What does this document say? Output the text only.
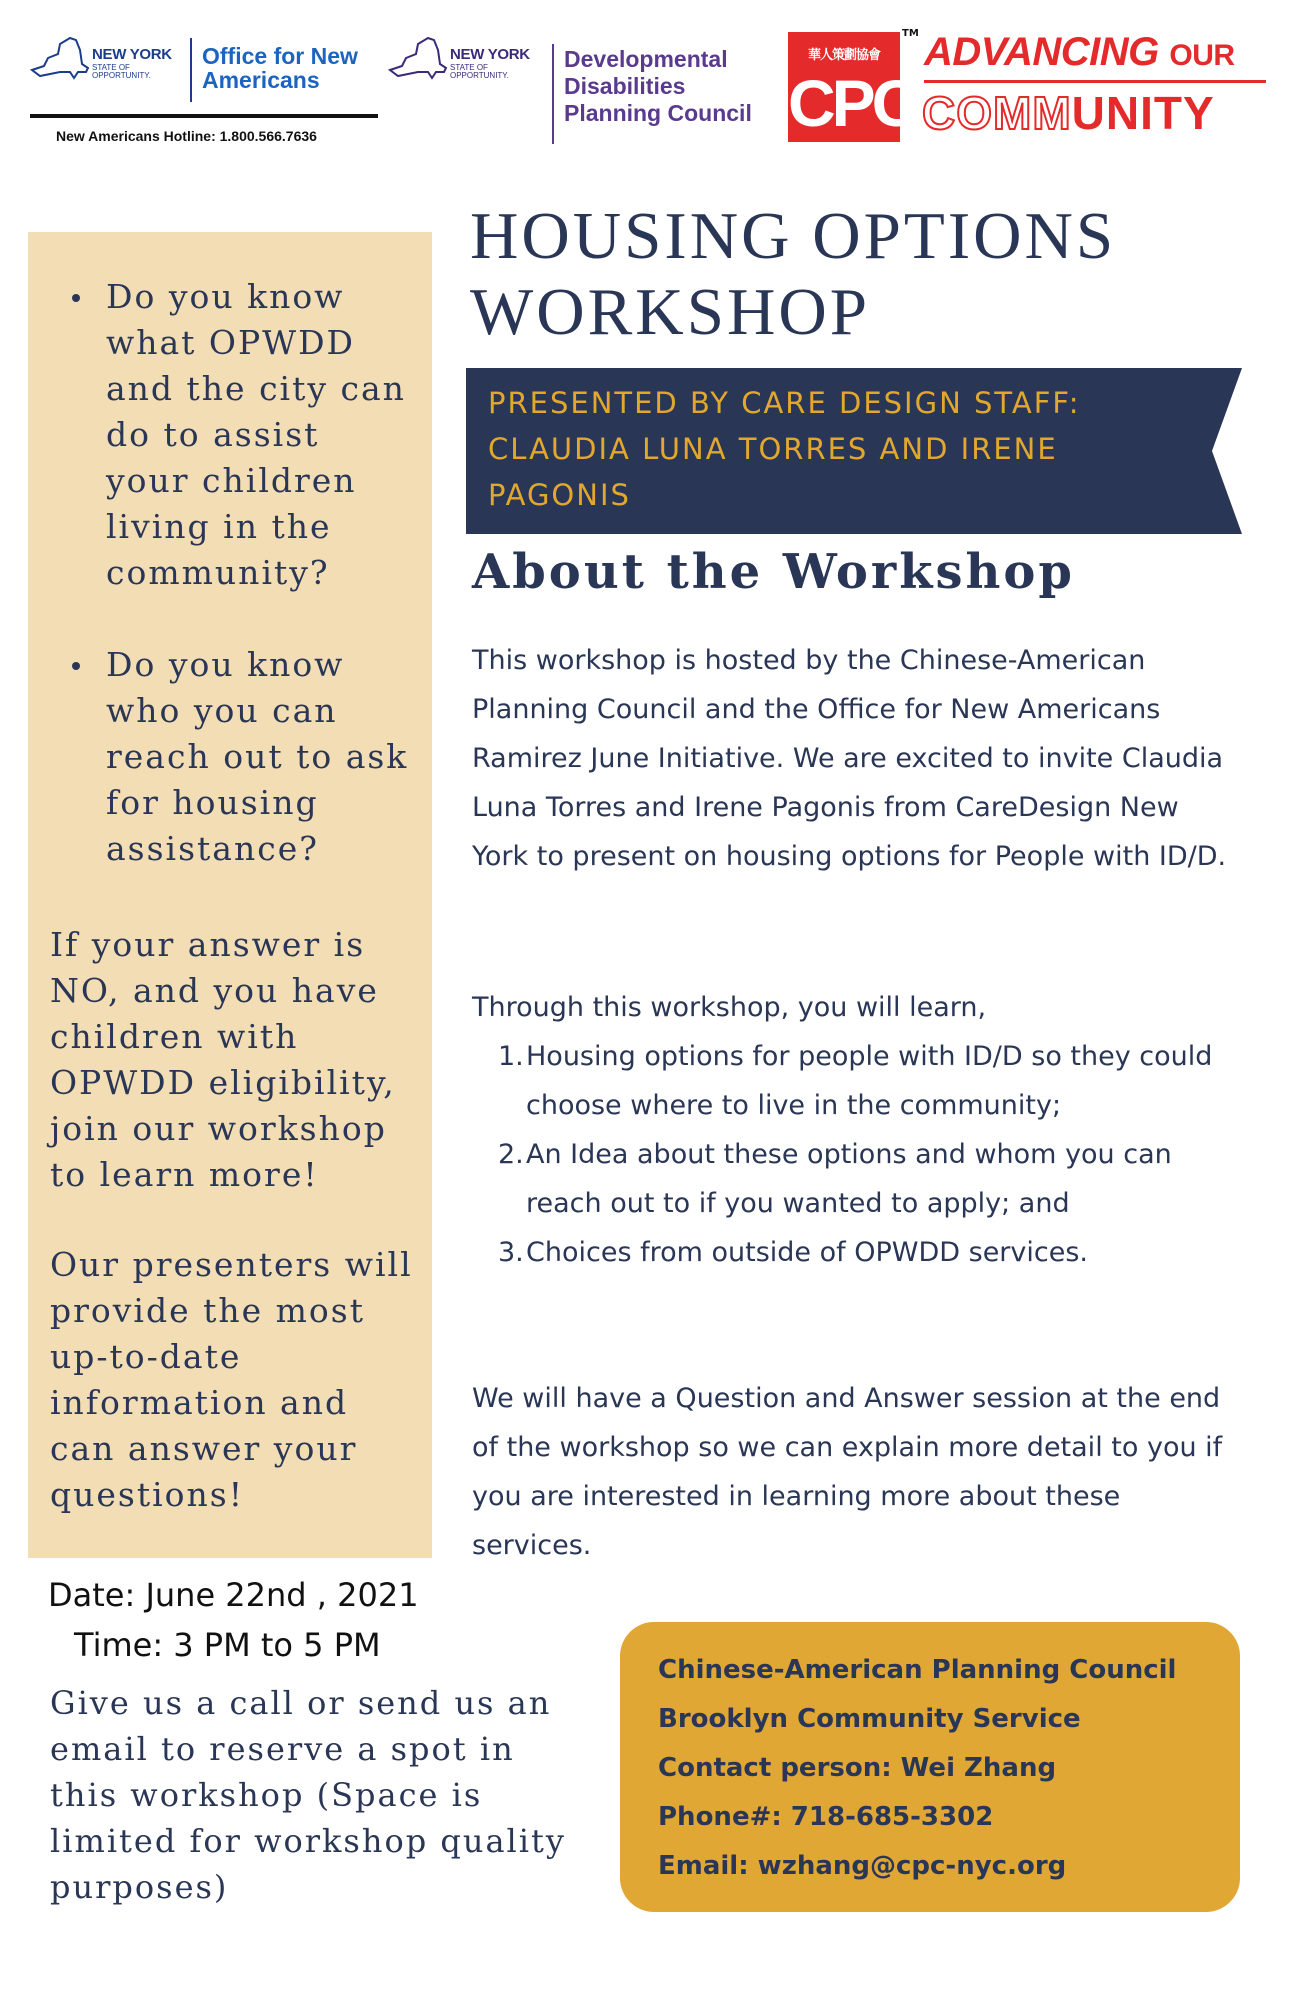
NEW YORK
STATE OF OPPORTUNITY.
Office for New Americans
New Americans Hotline: 1.800.566.7636
NEW YORK
STATE OF OPPORTUNITY.
Developmental Disabilities Planning Council
華人策劃協會
CPC
TM ADVANCING OUR
COMMUNITY
Do you know what OPWDD and the city can do to assist your children living in the community?
Do you know who you can reach out to ask for housing assistance?
If your answer is NO, and you have children with OPWDD eligibility, join our workshop to learn more!
Our presenters will provide the most up-to-date information and can answer your questions!
HOUSING OPTIONS WORKSHOP
PRESENTED BY CARE DESIGN STAFF: CLAUDIA LUNA TORRES AND IRENE PAGONIS
About the Workshop
This workshop is hosted by the Chinese-American Planning Council and the Office for New Americans Ramirez June Initiative. We are excited to invite Claudia Luna Torres and Irene Pagonis from CareDesign New York to present on housing options for People with ID/D.
Through this workshop, you will learn,
1. Housing options for people with ID/D so they could choose where to live in the community;
2. An Idea about these options and whom you can reach out to if you wanted to apply; and
3. Choices from outside of OPWDD services.
We will have a Question and Answer session at the end of the workshop so we can explain more detail to you if you are interested in learning more about these services.
Date: June 22nd , 2021
Time: 3 PM to 5 PM
Give us a call or send us an email to reserve a spot in this workshop (Space is limited for workshop quality purposes)
Chinese-American Planning Council
Brooklyn Community Service
Contact person: Wei Zhang
Phone#: 718-685-3302
Email: wzhang@cpc-nyc.org
